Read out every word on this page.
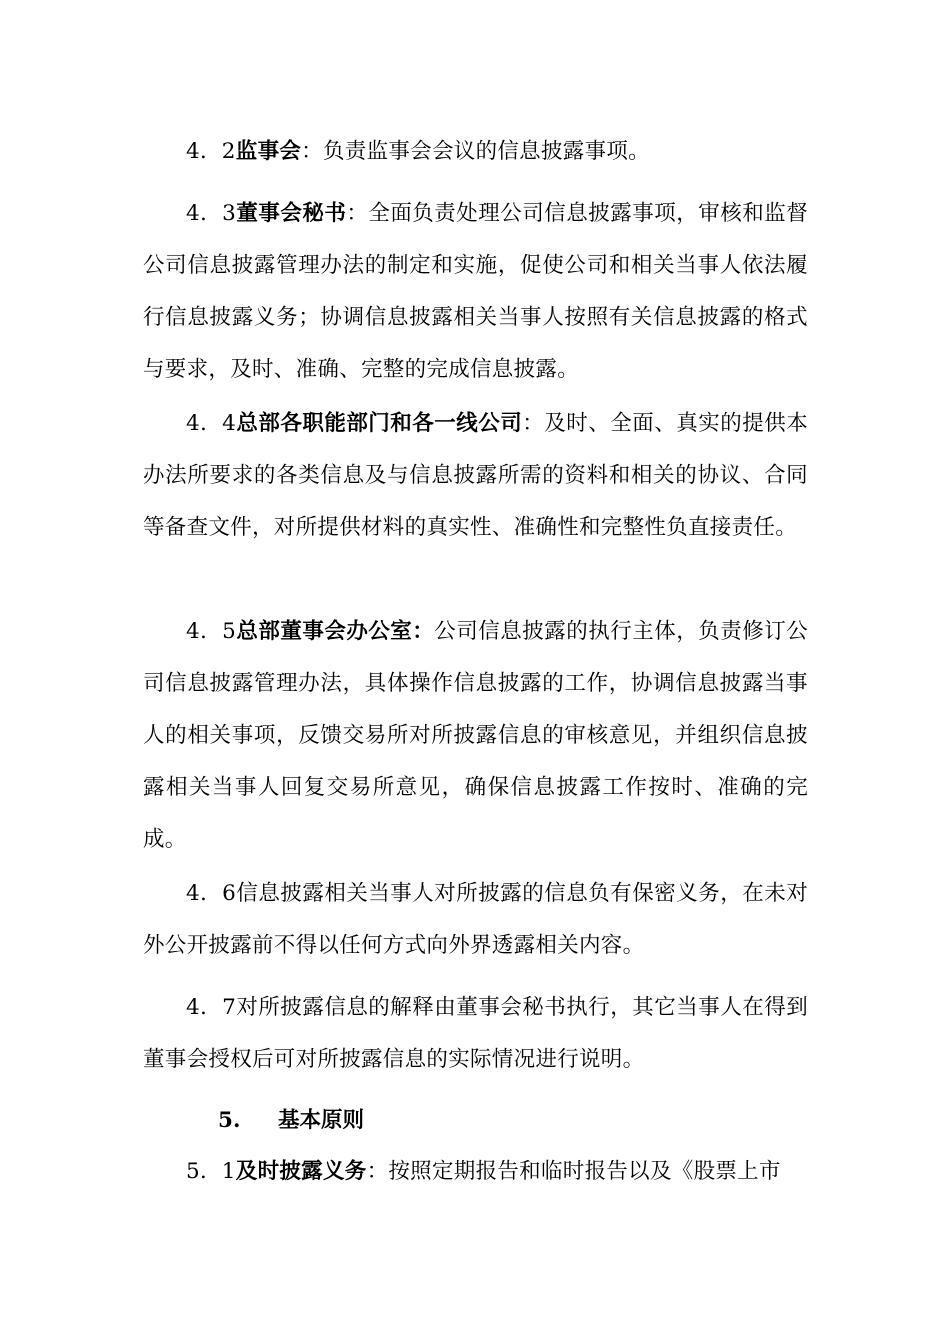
4．2监事会：负责监事会会议的信息披露事项。

4．3董事会秘书：全面负责处理公司信息披露事项，审核和监督公司信息披露管理办法的制定和实施，促使公司和相关当事人依法履行信息披露义务；协调信息披露相关当事人按照有关信息披露的格式与要求，及时、准确、完整的完成信息披露。

4．4总部各职能部门和各一线公司：及时、全面、真实的提供本办法所要求的各类信息及与信息披露所需的资料和相关的协议、合同等备查文件，对所提供材料的真实性、准确性和完整性负直接责任。

4．5总部董事会办公室：公司信息披露的执行主体，负责修订公司信息披露管理办法，具体操作信息披露的工作，协调信息披露当事人的相关事项，反馈交易所对所披露信息的审核意见，并组织信息披露相关当事人回复交易所意见，确保信息披露工作按时、准确的完成。

4．6信息披露相关当事人对所披露的信息负有保密义务，在未对外公开披露前不得以任何方式向外界透露相关内容。

4．7对所披露信息的解释由董事会秘书执行，其它当事人在得到董事会授权后可对所披露信息的实际情况进行说明。

5. 基本原则

5．1及时披露义务：按照定期报告和临时报告以及《股票上市
